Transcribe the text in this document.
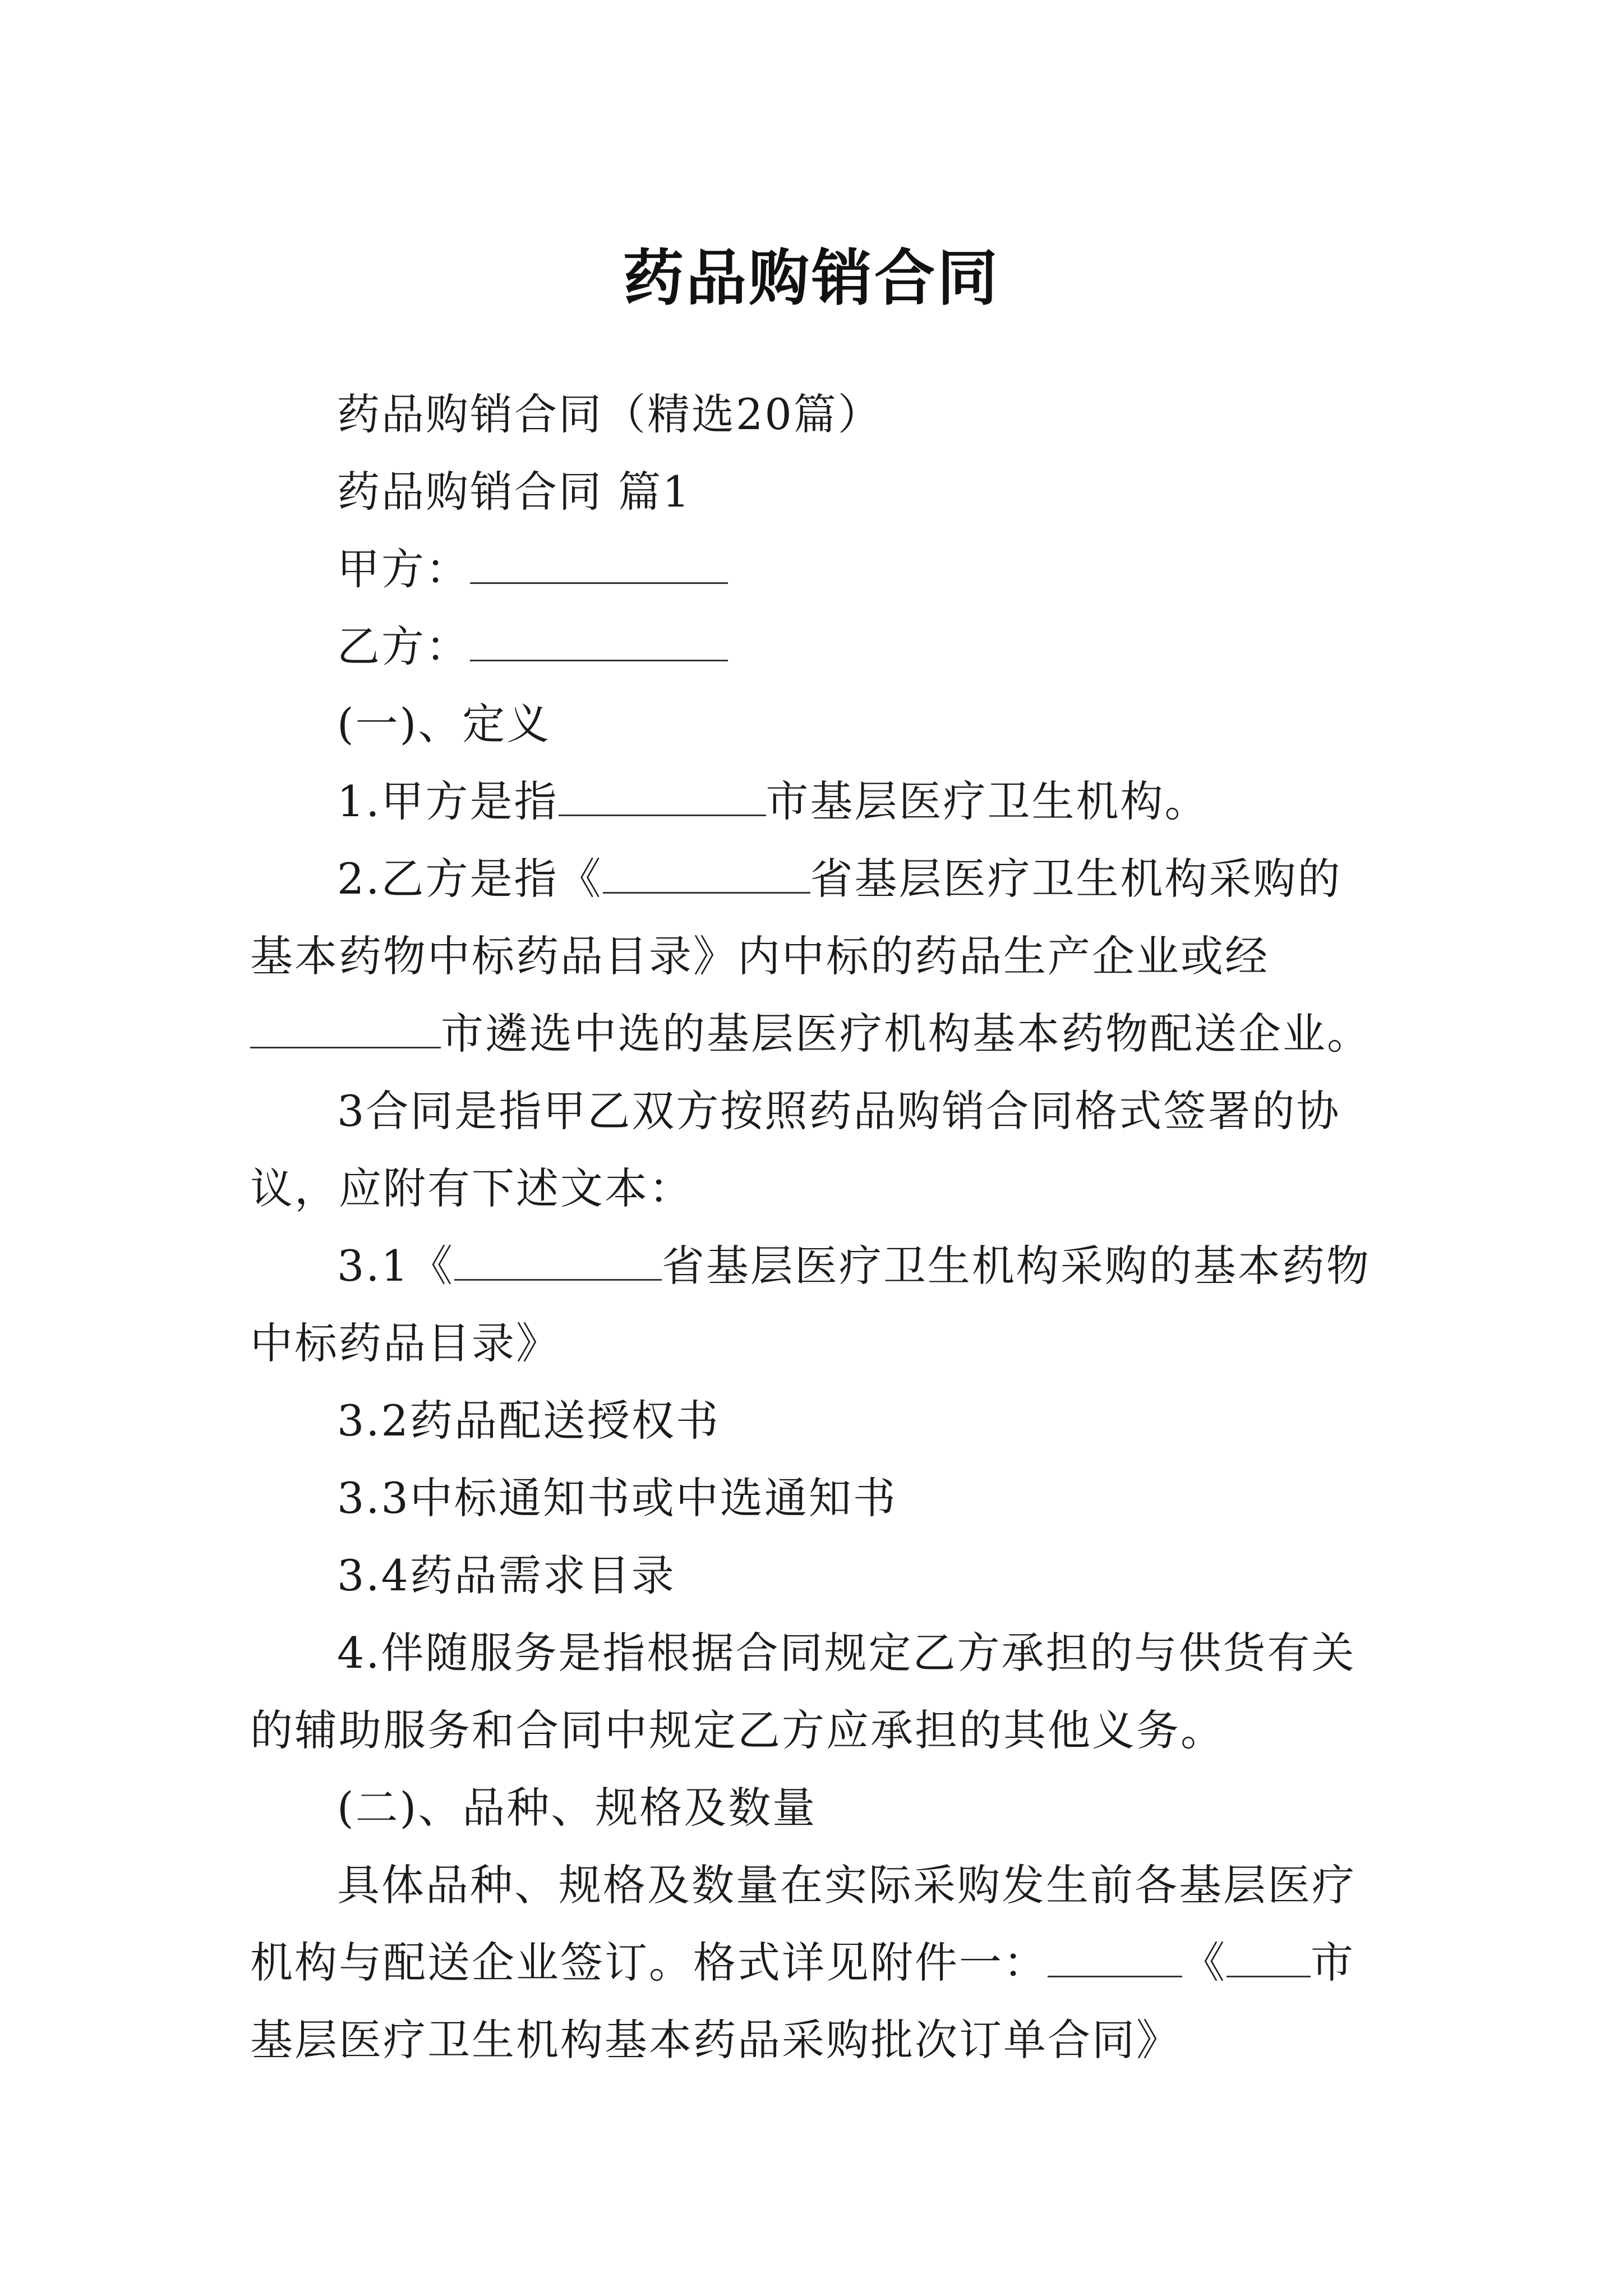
药品购销合同

药品购销合同（精选20篇）

药品购销合同 篇1

甲方：

乙方：

(一)、定义

1.甲方是指	市基层医疗卫生机构。

2.乙方是指《	省基层医疗卫生机构采购的基本药物中标药品目录》内中标的药品生产企业或经市遴选中选的基层医疗机构基本药物配送企业。

3合同是指甲乙双方按照药品购销合同格式签署的协议，应附有下述文本：

3.1《	省基层医疗卫生机构采购的基本药物中标药品目录》

3.2药品配送授权书

3.3中标通知书或中选通知书

3.4药品需求目录

4.伴随服务是指根据合同规定乙方承担的与供货有关的辅助服务和合同中规定乙方应承担的其他义务。

(二)、品种、规格及数量

具体品种、规格及数量在实际采购发生前各基层医疗机构与配送企业签订。格式详见附件一：	《 市基层医疗卫生机构基本药品采购批次订单合同》
